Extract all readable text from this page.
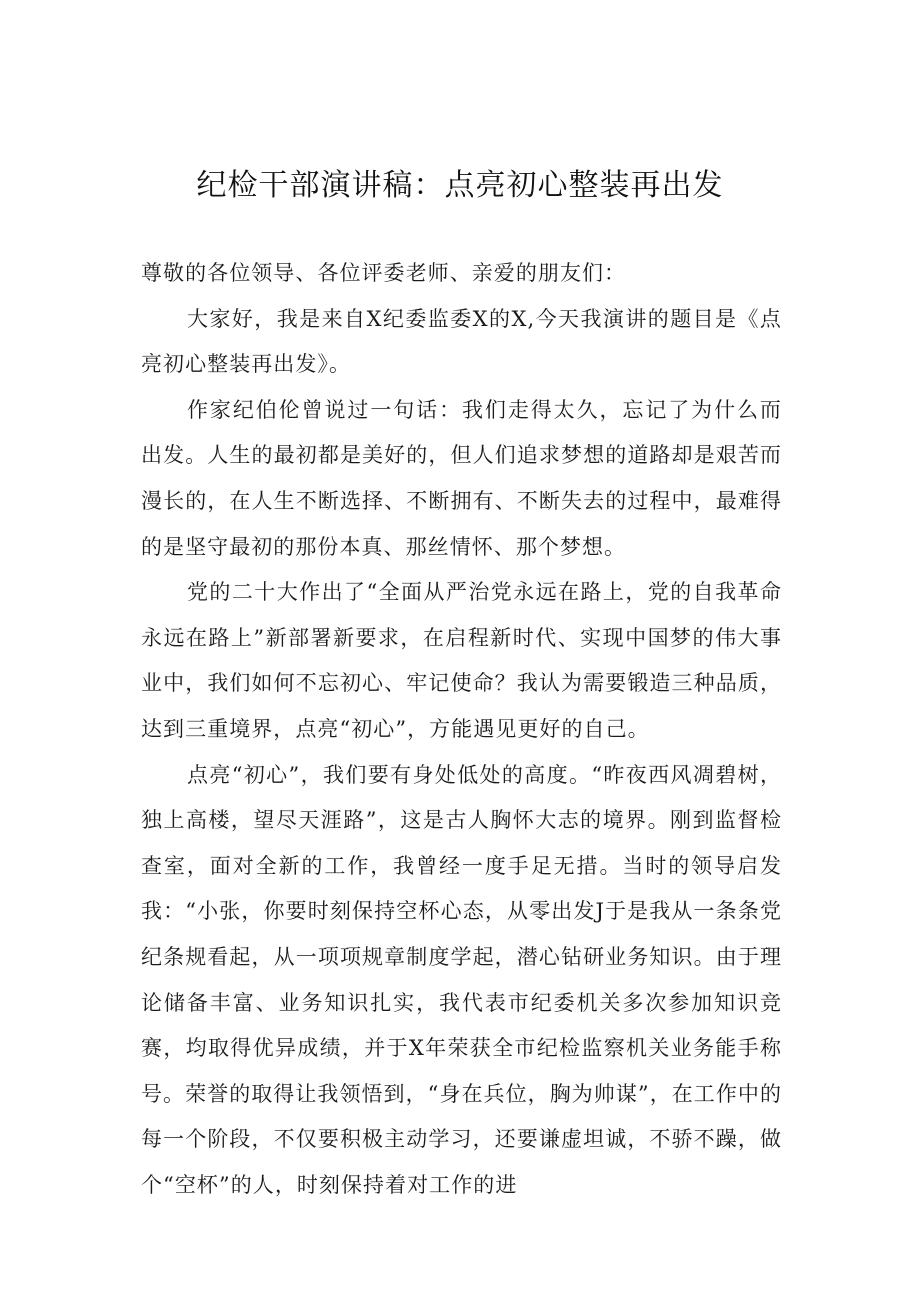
纪检干部演讲稿：点亮初心整装再出发

尊敬的各位领导、各位评委老师、亲爱的朋友们：

大家好，我是来自X纪委监委X的X,今天我演讲的题目是《点亮初心整装再出发》。

作家纪伯伦曾说过一句话：我们走得太久，忘记了为什么而出发。人生的最初都是美好的，但人们追求梦想的道路却是艰苦而漫长的，在人生不断选择、不断拥有、不断失去的过程中，最难得的是坚守最初的那份本真、那丝情怀、那个梦想。

党的二十大作出了“全面从严治党永远在路上，党的自我革命永远在路上”新部署新要求，在启程新时代、实现中国梦的伟大事业中，我们如何不忘初心、牢记使命？我认为需要锻造三种品质，达到三重境界，点亮“初心”，方能遇见更好的自己。

点亮“初心”，我们要有身处低处的高度。“昨夜西风凋碧树，独上高楼，望尽天涯路”，这是古人胸怀大志的境界。刚到监督检查室，面对全新的工作，我曾经一度手足无措。当时的领导启发我：“小张，你要时刻保持空杯心态，从零出发J于是我从一条条党纪条规看起，从一项项规章制度学起，潜心钻研业务知识。由于理论储备丰富、业务知识扎实，我代表市纪委机关多次参加知识竞赛，均取得优异成绩，并于X年荣获全市纪检监察机关业务能手称号。荣誉的取得让我领悟到，“身在兵位，胸为帅谋”，在工作中的每一个阶段，不仅要积极主动学习，还要谦虚坦诚，不骄不躁，做个“空杯”的人，时刻保持着对工作的进
